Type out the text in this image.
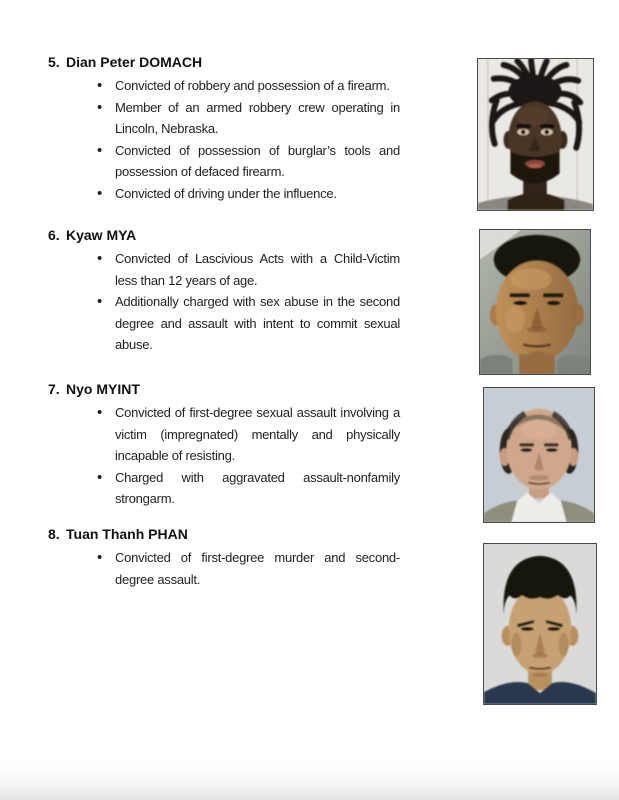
5. Dian Peter DOMACH
• Convicted of robbery and possession of a firearm.
• Member of an armed robbery crew operating in Lincoln, Nebraska.
• Convicted of possession of burglar’s tools and possession of defaced firearm.
• Convicted of driving under the influence.
6. Kyaw MYA
• Convicted of Lascivious Acts with a Child-Victim less than 12 years of age.
• Additionally charged with sex abuse in the second degree and assault with intent to commit sexual abuse.
7. Nyo MYINT
• Convicted of first-degree sexual assault involving a victim (impregnated) mentally and physically incapable of resisting.
• Charged with aggravated assault-nonfamily strongarm.
8. Tuan Thanh PHAN
• Convicted of first-degree murder and second-degree assault.
